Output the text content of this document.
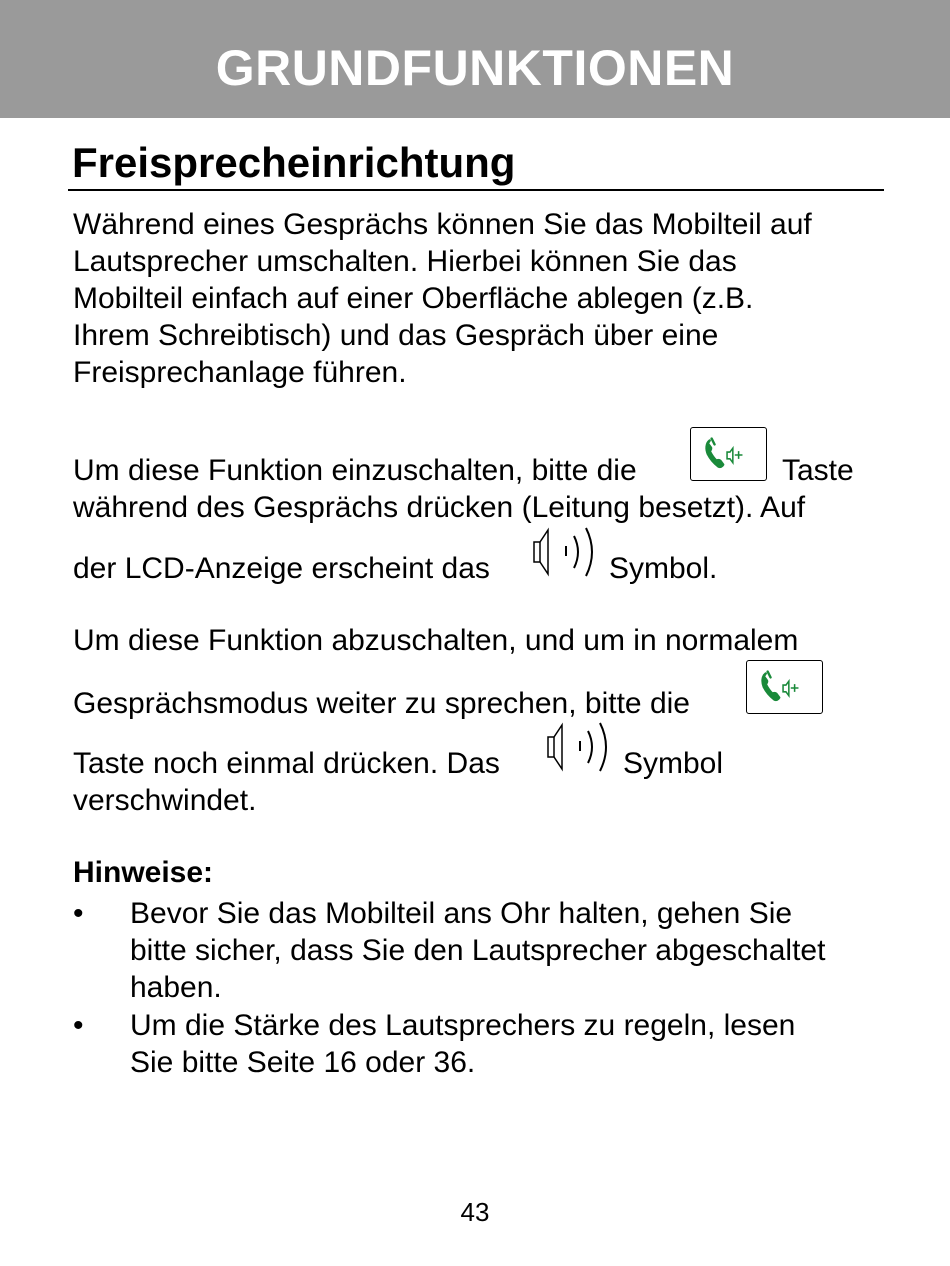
GRUNDFUNKTIONEN
Freisprecheinrichtung
Während eines Gesprächs können Sie das Mobilteil auf
Lautsprecher umschalten. Hierbei können Sie das
Mobilteil einfach auf einer Oberfläche ablegen (z.B.
Ihrem Schreibtisch) und das Gespräch über eine
Freisprechanlage führen.
Um diese Funktion einzuschalten, bitte die	Taste
während des Gesprächs drücken (Leitung besetzt). Auf
der LCD-Anzeige erscheint das	Symbol.
Um diese Funktion abzuschalten, und um in normalem
Gesprächsmodus weiter zu sprechen, bitte die
Taste noch einmal drücken. Das	Symbol
verschwindet.
Hinweise:
• Bevor Sie das Mobilteil ans Ohr halten, gehen Sie
bitte sicher, dass Sie den Lautsprecher abgeschaltet
haben.
• Um die Stärke des Lautsprechers zu regeln, lesen
Sie bitte Seite 16 oder 36.
43
